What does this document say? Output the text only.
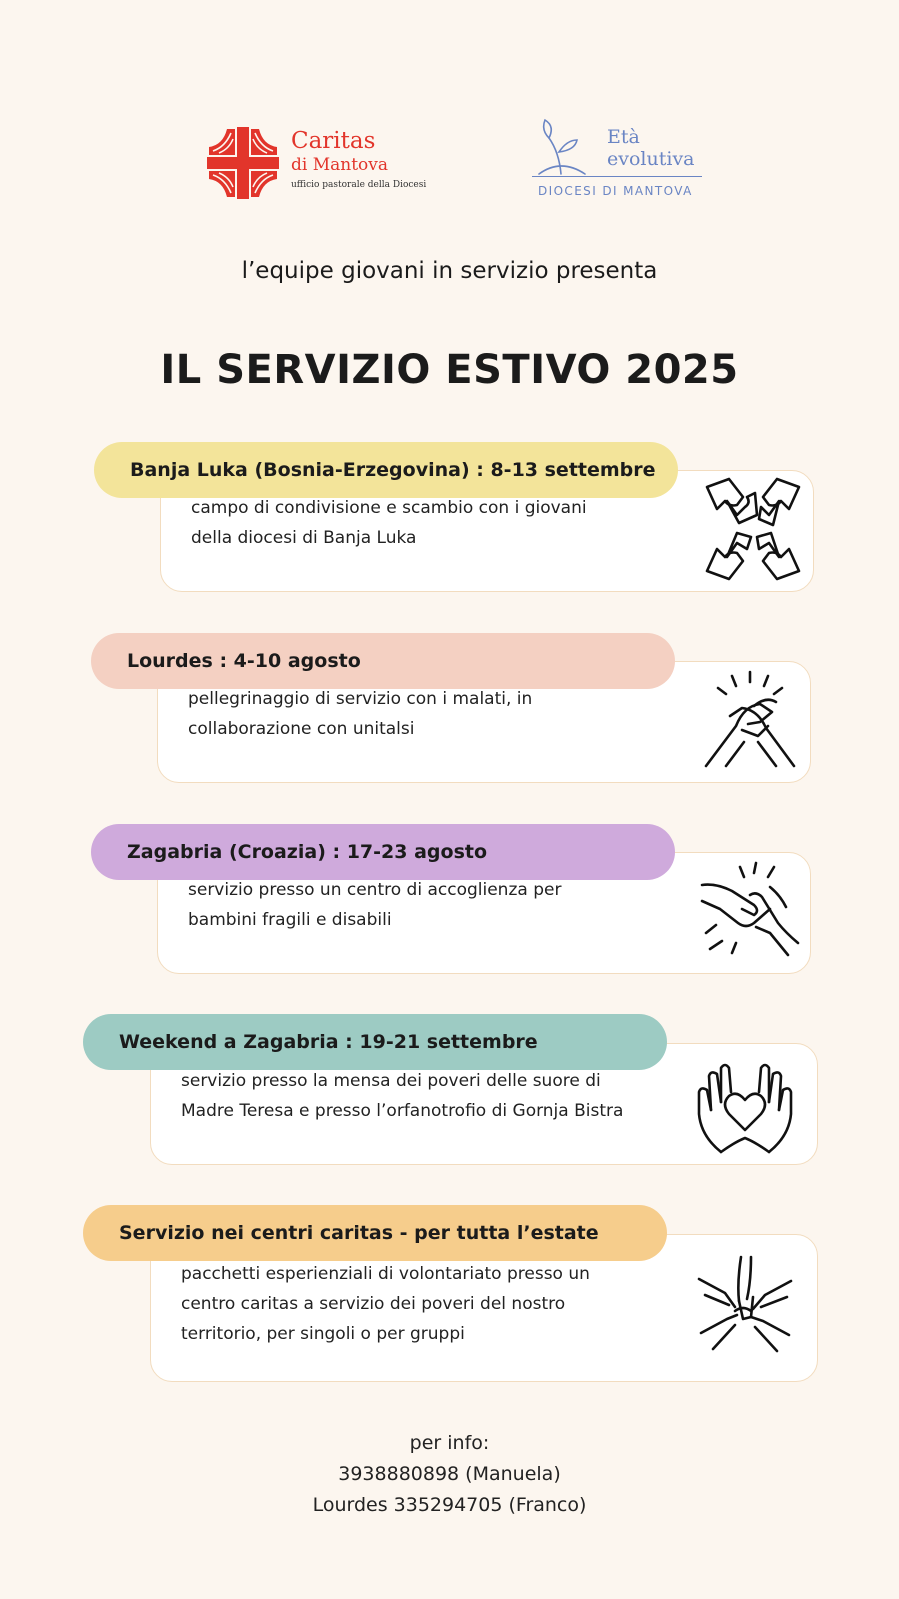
Caritas
di Mantova
ufficio pastorale della Diocesi
Età
evolutiva
DIOCESI DI MANTOVA
l’equipe giovani in servizio presenta
IL SERVIZIO ESTIVO 2025
campo di condivisione e scambio con i giovani
della diocesi di Banja Luka
Banja Luka (Bosnia-Erzegovina) : 8-13 settembre
pellegrinaggio di servizio con i malati, in
collaborazione con unitalsi
Lourdes : 4-10 agosto
servizio presso un centro di accoglienza per
bambini fragili e disabili
Zagabria (Croazia) : 17-23 agosto
servizio presso la mensa dei poveri delle suore di
Madre Teresa e presso l’orfanotrofio di Gornja Bistra
Weekend a Zagabria : 19-21 settembre
pacchetti esperienziali di volontariato presso un
centro caritas a servizio dei poveri del nostro
territorio, per singoli o per gruppi
Servizio nei centri caritas - per tutta l’estate
per info:
3938880898 (Manuela)
Lourdes 335294705 (Franco)
